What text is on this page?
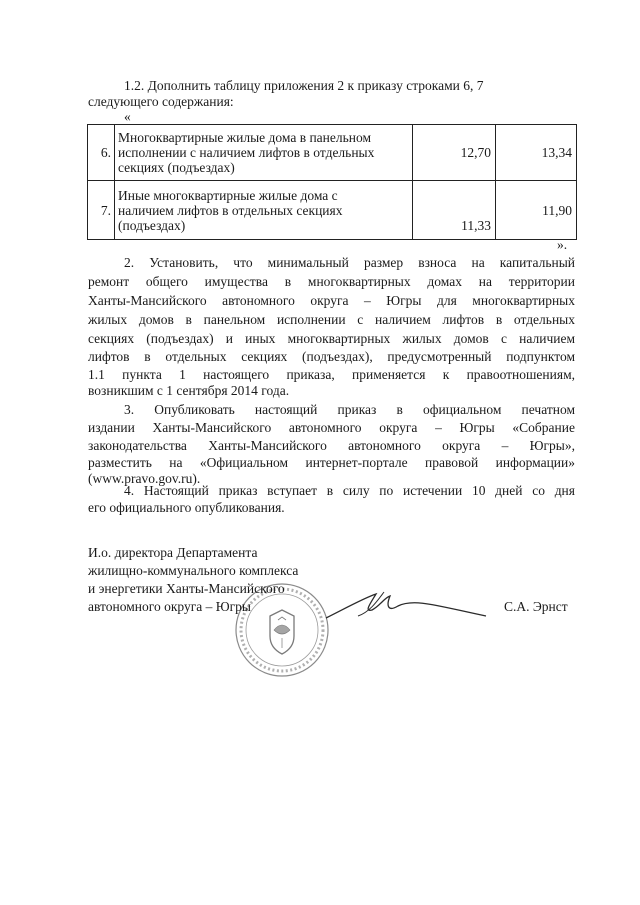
1.2. Дополнить таблицу приложения 2 к приказу строками 6, 7
следующего содержания:
«
6.	Многоквартирные жилые дома в панельном
исполнении с наличием лифтов в отдельных
секциях (подъездах)	12,70	13,34
7.	Иные многоквартирные жилые дома с
наличием лифтов в отдельных секциях
(подъездах)	11,33	11,90
».
2. Установить, что минимальный размер взноса на капитальный
ремонт общего имущества в многоквартирных домах на территории
Ханты-Мансийского автономного округа – Югры для многоквартирных
жилых домов в панельном исполнении с наличием лифтов в отдельных
секциях (подъездах) и иных многоквартирных жилых домов с наличием
лифтов в отдельных секциях (подъездах), предусмотренный подпунктом
1.1 пункта 1 настоящего приказа, применяется к правоотношениям,
возникшим с 1 сентября 2014 года.
3. Опубликовать настоящий приказ в официальном печатном
издании Ханты-Мансийского автономного округа – Югры «Собрание
законодательства Ханты-Мансийского автономного округа – Югры»,
разместить на «Официальном интернет-портале правовой информации»
(www.pravo.gov.ru).
4. Настоящий приказ вступает в силу по истечении 10 дней со дня
его официального опубликования.
И.о. директора Департамента
жилищно-коммунального комплекса
и энергетики Ханты-Мансийского
автономного округа – Югры	С.А. Эрнст
